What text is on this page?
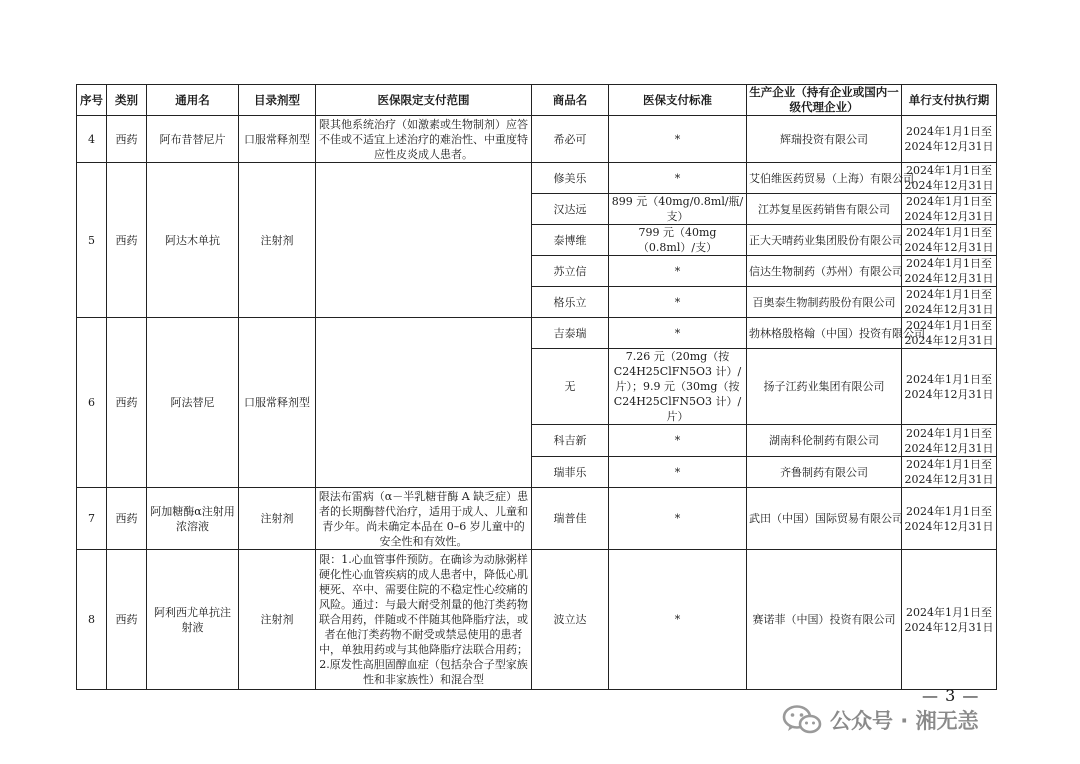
序号	类别	通用名	目录剂型	医保限定支付范围	商品名	医保支付标准	生产企业（持有企业或国内一级代理企业）	单行支付执行期
4	西药	阿布昔替尼片	口服常释剂型	限其他系统治疗（如激素或生物制剂）应答不佳或不适宜上述治疗的难治性、中重度特应性皮炎成人患者。	希必可	*	辉瑞投资有限公司	2024年1月1日至
2024年12月31日

5	西药	阿达木单抗	注射剂		修美乐	*	艾伯维医药贸易（上海）有限公司	2024年1月1日至
2024年12月31日

					汉达远	899 元（40mg/0.8ml/瓶/支）	江苏复星医药销售有限公司	2024年1月1日至
2024年12月31日

					泰博维	799 元（40mg（0.8ml）/支）	正大天晴药业集团股份有限公司	2024年1月1日至
2024年12月31日

					苏立信	*	信达生物制药（苏州）有限公司	2024年1月1日至
2024年12月31日

					格乐立	*	百奥泰生物制药股份有限公司	2024年1月1日至
2024年12月31日

6	西药	阿法替尼	口服常释剂型		吉泰瑞	*	勃林格殷格翰（中国）投资有限公司	2024年1月1日至
2024年12月31日

					无	7.26 元（20mg（按C24H25ClFN5O3 计）/片）；9.9 元（30mg（按C24H25ClFN5O3 计）/片）	扬子江药业集团有限公司	2024年1月1日至
2024年12月31日

					科吉新	*	湖南科伦制药有限公司	2024年1月1日至
2024年12月31日

					瑞菲乐	*	齐鲁制药有限公司	2024年1月1日至
2024年12月31日

7	西药	阿加糖酶α注射用浓溶液	注射剂	限法布雷病（α－半乳糖苷酶 A 缺乏症）患者的长期酶替代治疗，适用于成人、儿童和青少年。尚未确定本品在 0–6 岁儿童中的安全性和有效性。	瑞普佳	*	武田（中国）国际贸易有限公司	2024年1月1日至
2024年12月31日

8	西药	阿利西尤单抗注射液	注射剂	限：1.心血管事件预防。在确诊为动脉粥样硬化性心血管疾病的成人患者中，降低心肌梗死、卒中、需要住院的不稳定性心绞痛的风险。通过：与最大耐受剂量的他汀类药物联合用药，伴随或不伴随其他降脂疗法，或者在他汀类药物不耐受或禁忌使用的患者中，单独用药或与其他降脂疗法联合用药；2.原发性高胆固醇血症（包括杂合子型家族性和非家族性）和混合型	波立达	*	赛诺菲（中国）投资有限公司	2024年1月1日至
2024年12月31日
— 3 —
公众号 · 湘无恙
